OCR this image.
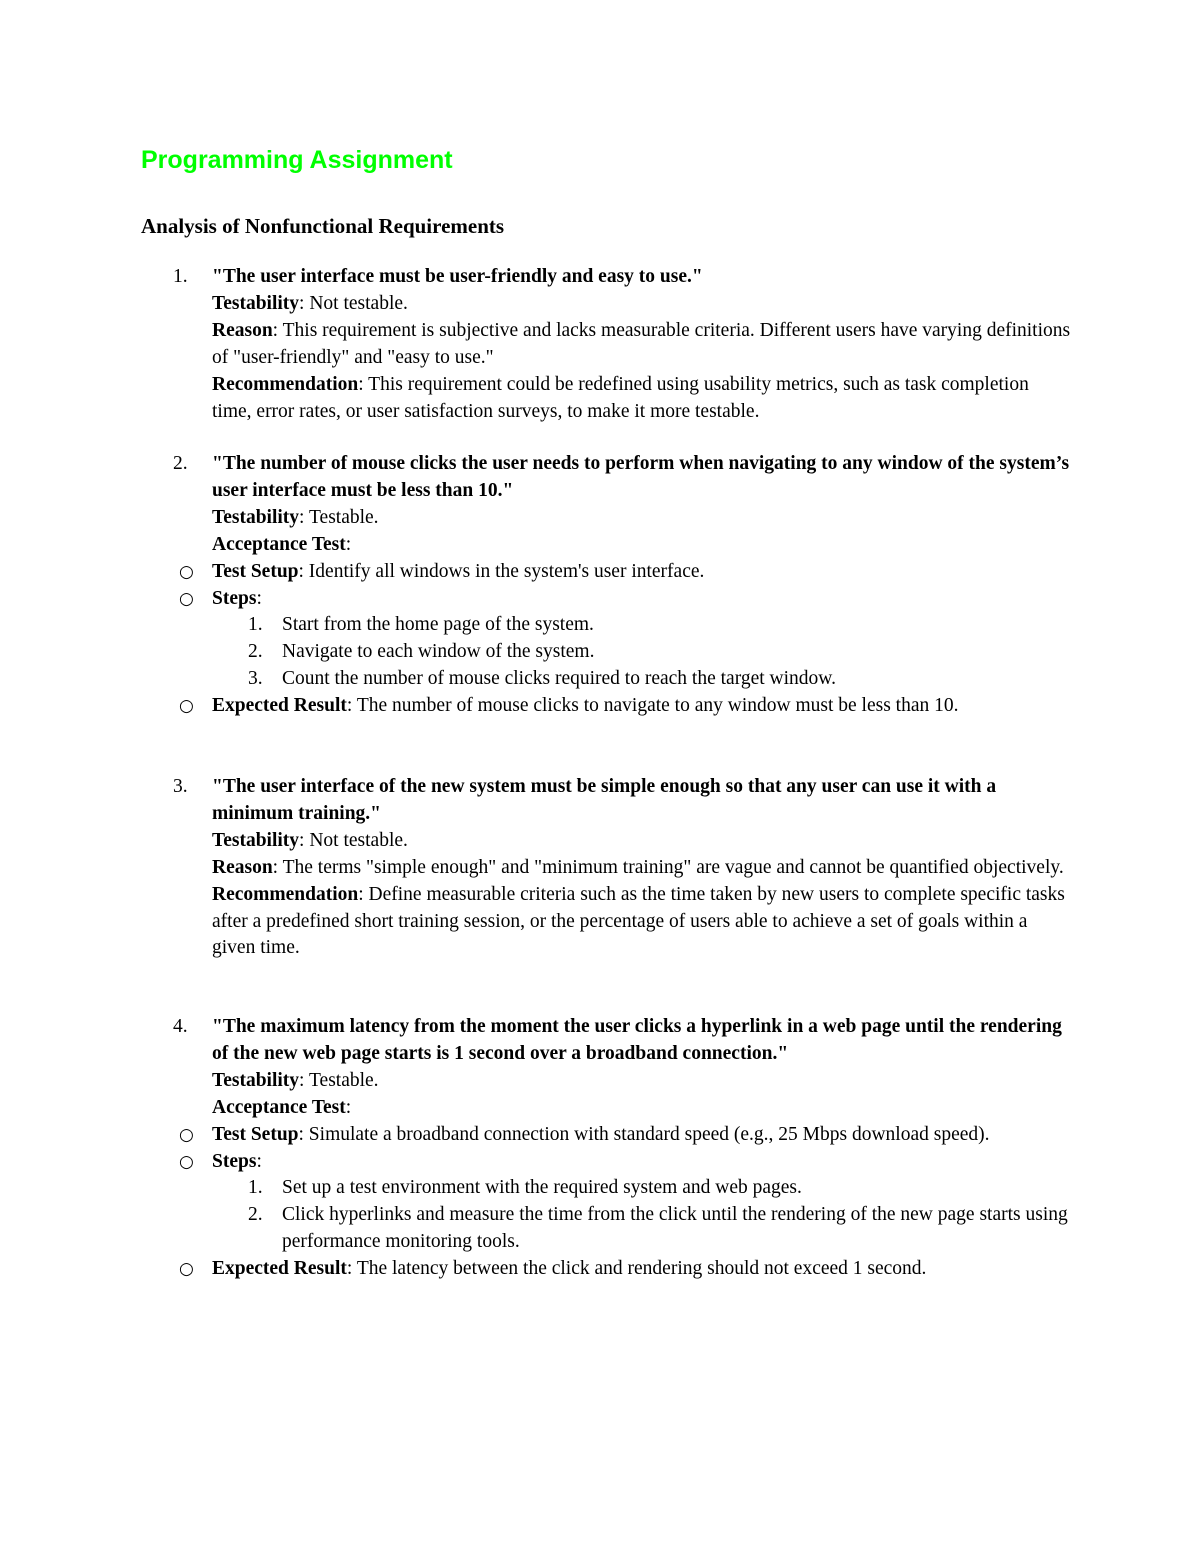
Programming Assignment
Analysis of Nonfunctional Requirements
1. "The user interface must be user-friendly and easy to use."
Testability: Not testable.
Reason: This requirement is subjective and lacks measurable criteria. Different users have varying definitions of "user-friendly" and "easy to use."
Recommendation: This requirement could be redefined using usability metrics, such as task completion time, error rates, or user satisfaction surveys, to make it more testable.
2. "The number of mouse clicks the user needs to perform when navigating to any window of the system’s user interface must be less than 10."
Testability: Testable.
Acceptance Test:
○ Test Setup: Identify all windows in the system's user interface.
○ Steps:
1. Start from the home page of the system.
2. Navigate to each window of the system.
3. Count the number of mouse clicks required to reach the target window.
○ Expected Result: The number of mouse clicks to navigate to any window must be less than 10.
3. "The user interface of the new system must be simple enough so that any user can use it with a minimum training."
Testability: Not testable.
Reason: The terms "simple enough" and "minimum training" are vague and cannot be quantified objectively.
Recommendation: Define measurable criteria such as the time taken by new users to complete specific tasks after a predefined short training session, or the percentage of users able to achieve a set of goals within a given time.
4. "The maximum latency from the moment the user clicks a hyperlink in a web page until the rendering of the new web page starts is 1 second over a broadband connection."
Testability: Testable.
Acceptance Test:
○ Test Setup: Simulate a broadband connection with standard speed (e.g., 25 Mbps download speed).
○ Steps:
1. Set up a test environment with the required system and web pages.
2. Click hyperlinks and measure the time from the click until the rendering of the new page starts using performance monitoring tools.
○ Expected Result: The latency between the click and rendering should not exceed 1 second.
